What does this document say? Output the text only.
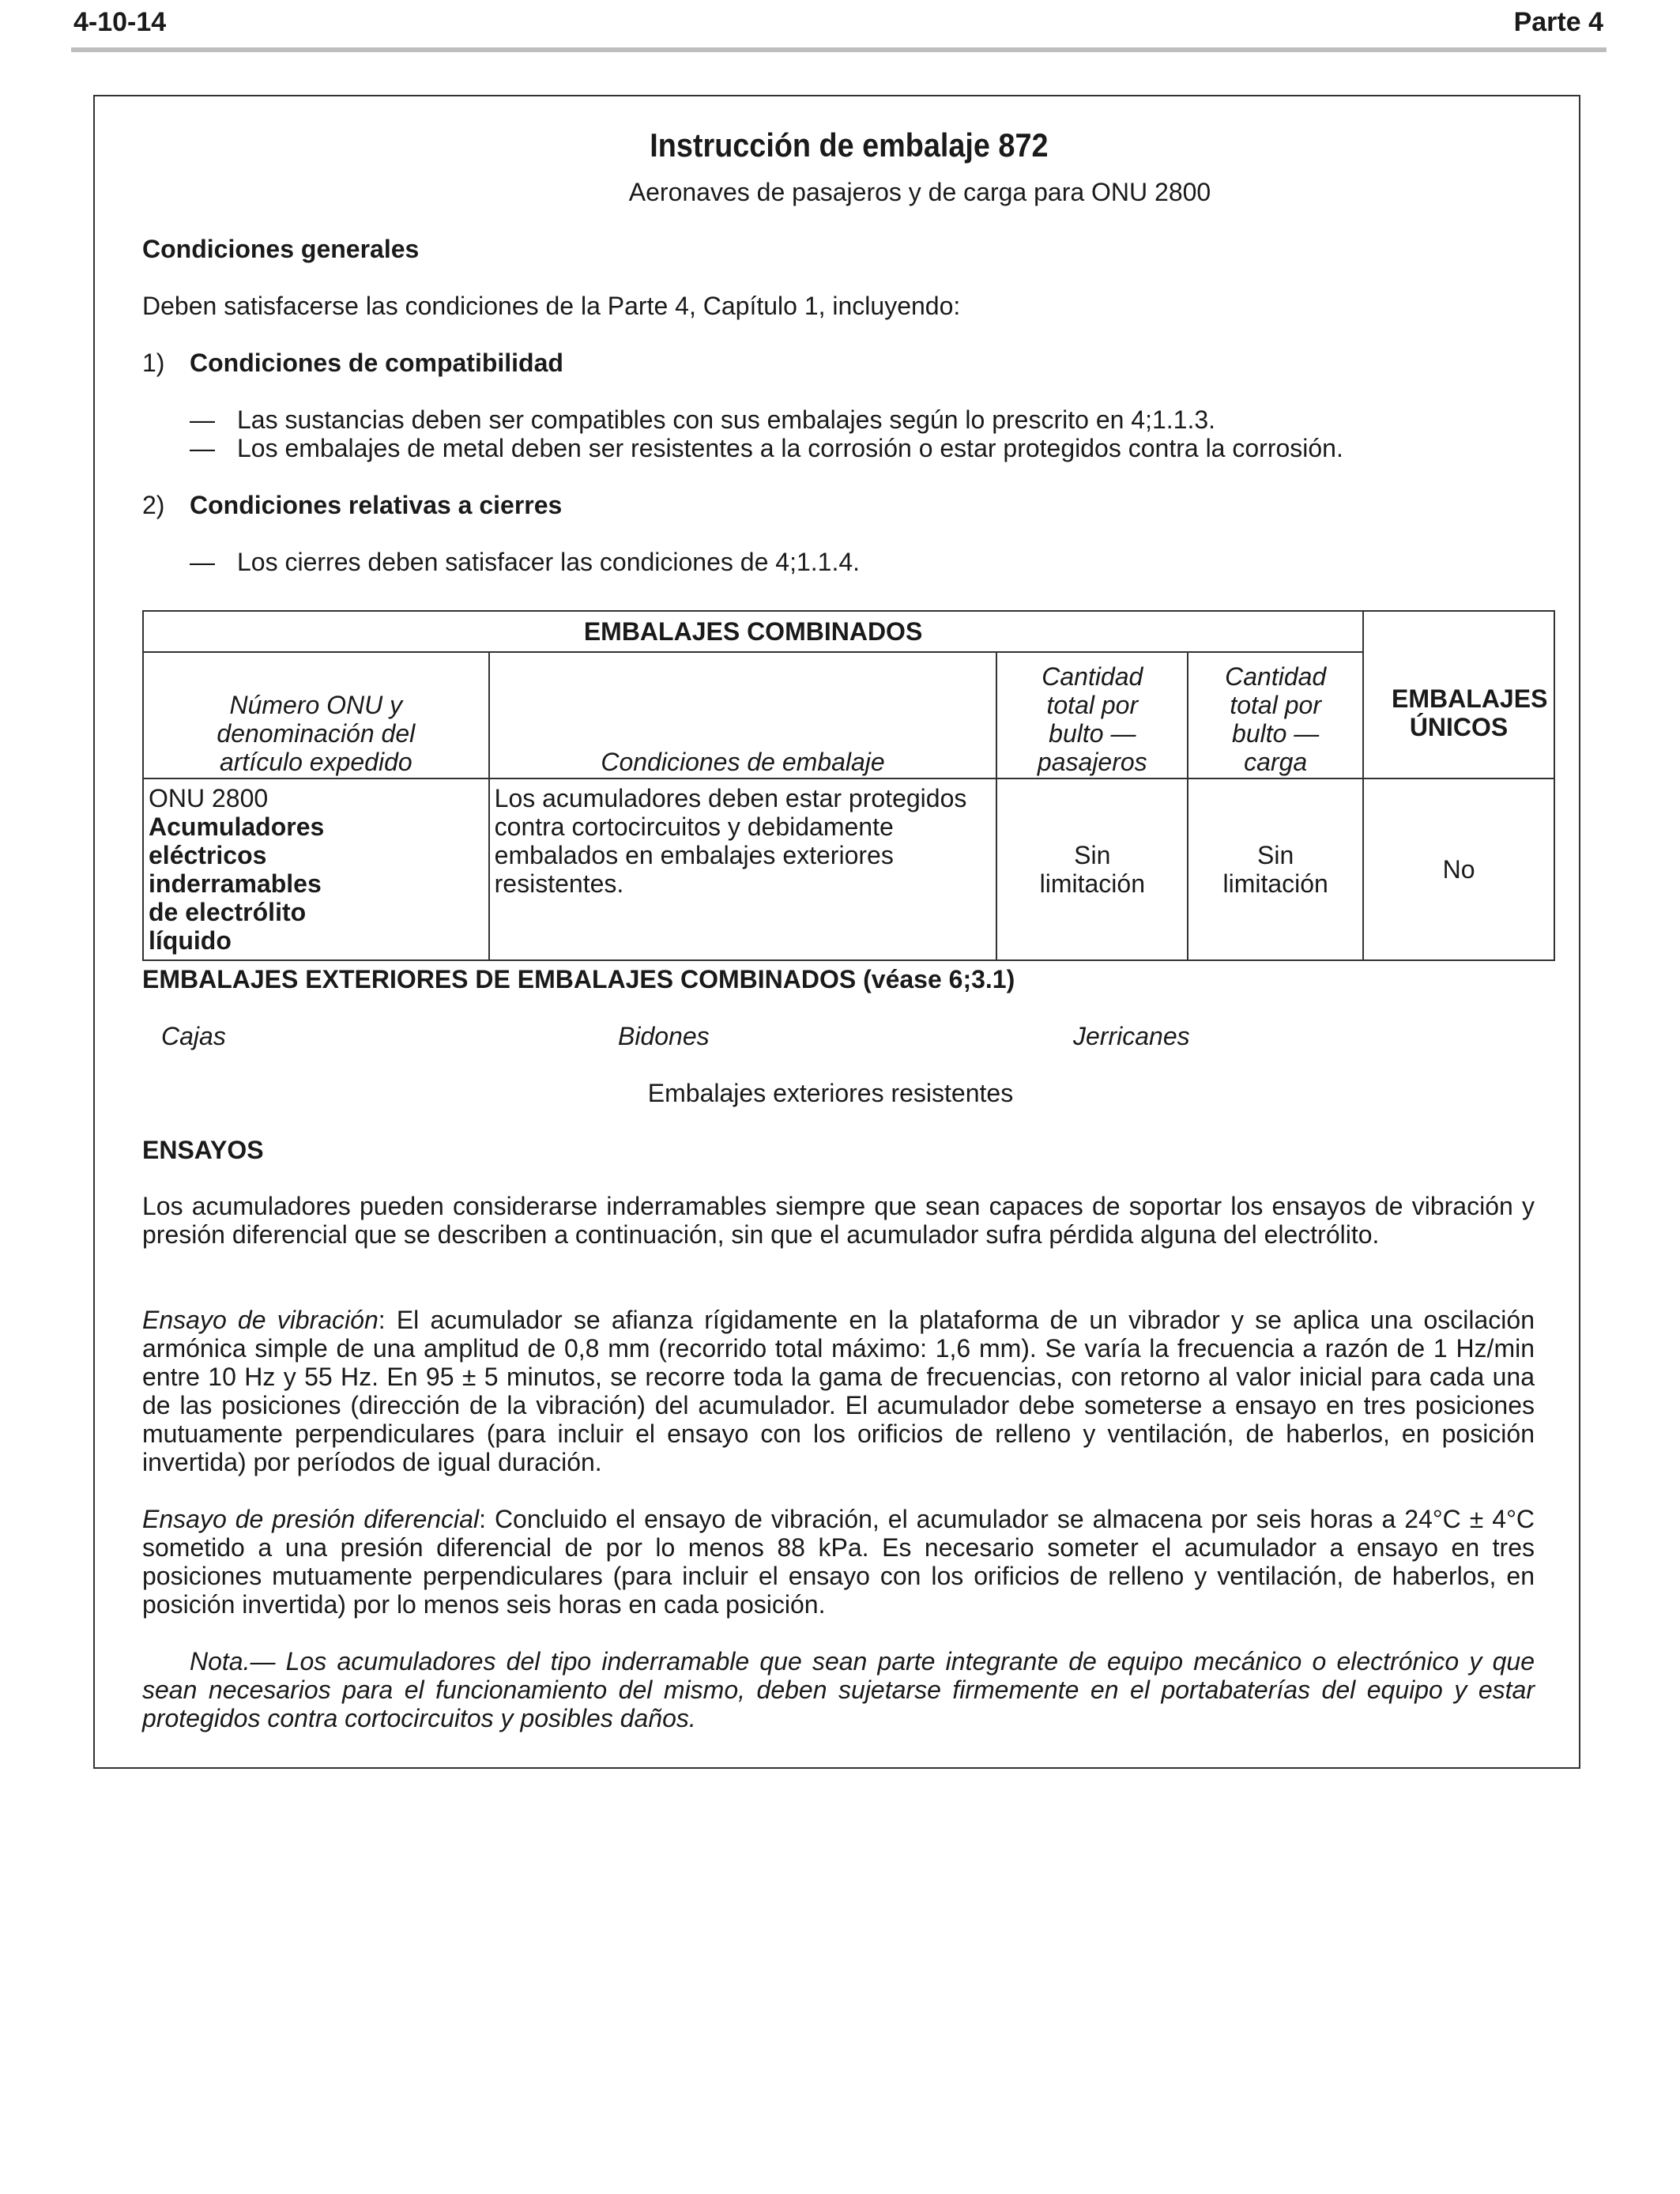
4-10-14	Parte 4
Instrucción de embalaje 872
Aeronaves de pasajeros y de carga para ONU 2800
Condiciones generales
Deben satisfacerse las condiciones de la Parte 4, Capítulo 1, incluyendo:
1) Condiciones de compatibilidad
— Las sustancias deben ser compatibles con sus embalajes según lo prescrito en 4;1.1.3.
— Los embalajes de metal deben ser resistentes a la corrosión o estar protegidos contra la corrosión.
2) Condiciones relativas a cierres
— Los cierres deben satisfacer las condiciones de 4;1.1.4.
EMBALAJES COMBINADOS				EMBALAJES ÚNICOS

Número ONU y denominación del artículo expedido	Condiciones de embalaje	Cantidad total por bulto — pasajeros	Cantidad total por bulto — carga	

ONU 2800Acumuladores eléctricos inderramables de electrólito líquido	Los acumuladores deben estar protegidos contra cortocircuitos y debidamente embalados en embalajes exteriores resistentes.	Sin limitación	Sin limitación	No
EMBALAJES EXTERIORES DE EMBALAJES COMBINADOS (véase 6;3.1)
Cajas	Bidones	Jerricanes
Embalajes exteriores resistentes
ENSAYOS
Los acumuladores pueden considerarse inderramables siempre que sean capaces de soportar los ensayos de vibración y presión diferencial que se describen a continuación, sin que el acumulador sufra pérdida alguna del electrólito.
Ensayo de vibración: El acumulador se afianza rígidamente en la plataforma de un vibrador y se aplica una oscilación armónica simple de una amplitud de 0,8 mm (recorrido total máximo: 1,6 mm). Se varía la frecuencia a razón de 1 Hz/min entre 10 Hz y 55 Hz. En 95 ± 5 minutos, se recorre toda la gama de frecuencias, con retorno al valor inicial para cada una de las posiciones (dirección de la vibración) del acumulador. El acumulador debe someterse a ensayo en tres posiciones mutuamente perpendiculares (para incluir el ensayo con los orificios de relleno y ventilación, de haberlos, en posición invertida) por períodos de igual duración.
Ensayo de presión diferencial: Concluido el ensayo de vibración, el acumulador se almacena por seis horas a 24°C ± 4°C sometido a una presión diferencial de por lo menos 88 kPa. Es necesario someter el acumulador a ensayo en tres posiciones mutuamente perpendiculares (para incluir el ensayo con los orificios de relleno y ventilación, de haberlos, en posición invertida) por lo menos seis horas en cada posición.
Nota.— Los acumuladores del tipo inderramable que sean parte integrante de equipo mecánico o electrónico y que sean necesarios para el funcionamiento del mismo, deben sujetarse firmemente en el portabaterías del equipo y estar protegidos contra cortocircuitos y posibles daños.
